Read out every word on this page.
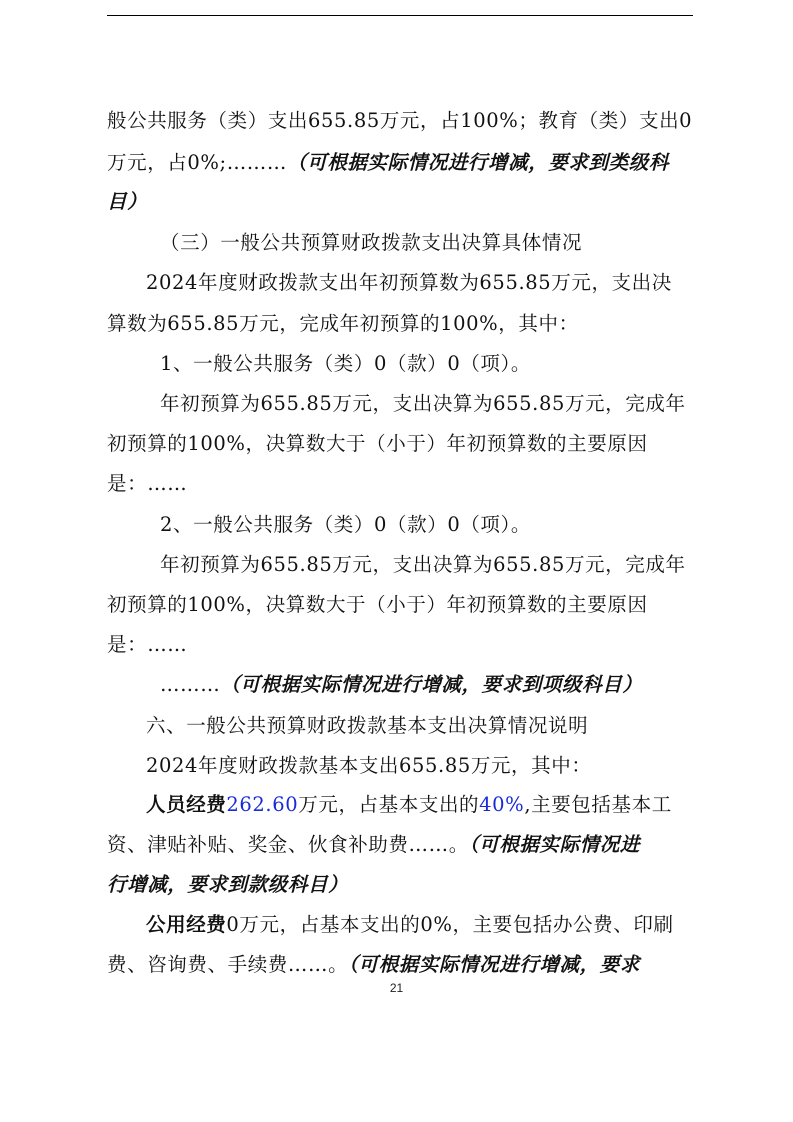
般公共服务（类）支出655.85万元，占100%；教育（类）支出0
万元，占0%;………（可根据实际情况进行增减，要求到类级科
目）
（三）一般公共预算财政拨款支出决算具体情况
2024年度财政拨款支出年初预算数为655.85万元，支出决
算数为655.85万元，完成年初预算的100%，其中：
1、一般公共服务（类）0（款）0（项）。
年初预算为655.85万元，支出决算为655.85万元，完成年
初预算的100%，决算数大于（小于）年初预算数的主要原因
是：……
2、一般公共服务（类）0（款）0（项）。
年初预算为655.85万元，支出决算为655.85万元，完成年
初预算的100%，决算数大于（小于）年初预算数的主要原因
是：……
………（可根据实际情况进行增减，要求到项级科目）
六、一般公共预算财政拨款基本支出决算情况说明
2024年度财政拨款基本支出655.85万元，其中：
人员经费262.60万元，占基本支出的40%,主要包括基本工
资、津贴补贴、奖金、伙食补助费……。（可根据实际情况进
行增减，要求到款级科目）
公用经费0万元，占基本支出的0%，主要包括办公费、印刷
费、咨询费、手续费……。（可根据实际情况进行增减，要求
21
